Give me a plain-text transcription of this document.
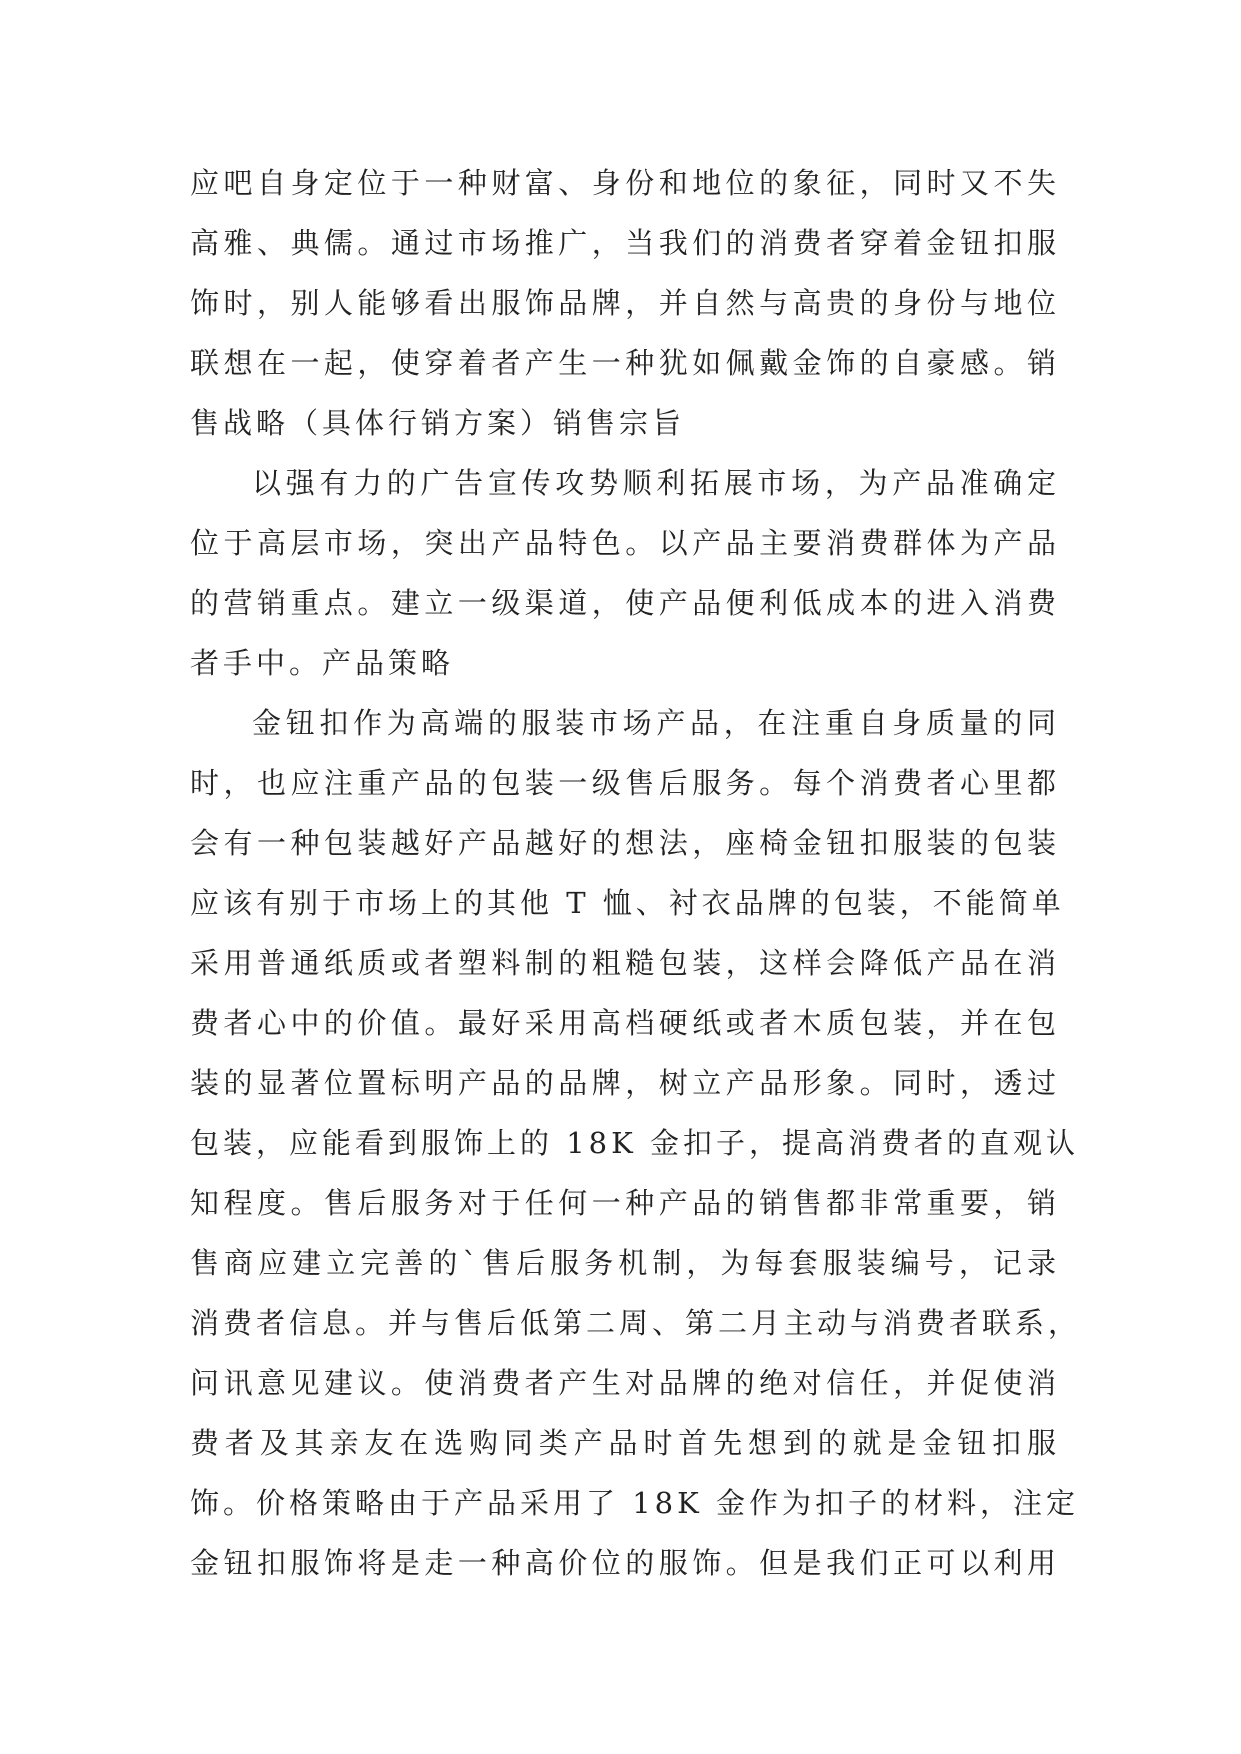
应吧自身定位于一种财富、身份和地位的象征，同时又不失
高雅、典儒。通过市场推广，当我们的消费者穿着金钮扣服
饰时，别人能够看出服饰品牌，并自然与高贵的身份与地位
联想在一起，使穿着者产生一种犹如佩戴金饰的自豪感。销
售战略（具体行销方案）销售宗旨
以强有力的广告宣传攻势顺利拓展市场，为产品准确定
位于高层市场，突出产品特色。以产品主要消费群体为产品
的营销重点。建立一级渠道，使产品便利低成本的进入消费
者手中。产品策略
金钮扣作为高端的服装市场产品，在注重自身质量的同
时，也应注重产品的包装一级售后服务。每个消费者心里都
会有一种包装越好产品越好的想法，座椅金钮扣服装的包装
应该有别于市场上的其他 T 恤、衬衣品牌的包装，不能简单
采用普通纸质或者塑料制的粗糙包装，这样会降低产品在消
费者心中的价值。最好采用高档硬纸或者木质包装，并在包
装的显著位置标明产品的品牌，树立产品形象。同时，透过
包装，应能看到服饰上的 18K 金扣子，提高消费者的直观认
知程度。售后服务对于任何一种产品的销售都非常重要，销
售商应建立完善的`售后服务机制，为每套服装编号，记录
消费者信息。并与售后低第二周、第二月主动与消费者联系，
问讯意见建议。使消费者产生对品牌的绝对信任，并促使消
费者及其亲友在选购同类产品时首先想到的就是金钮扣服
饰。价格策略由于产品采用了 18K 金作为扣子的材料，注定
金钮扣服饰将是走一种高价位的服饰。但是我们正可以利用
